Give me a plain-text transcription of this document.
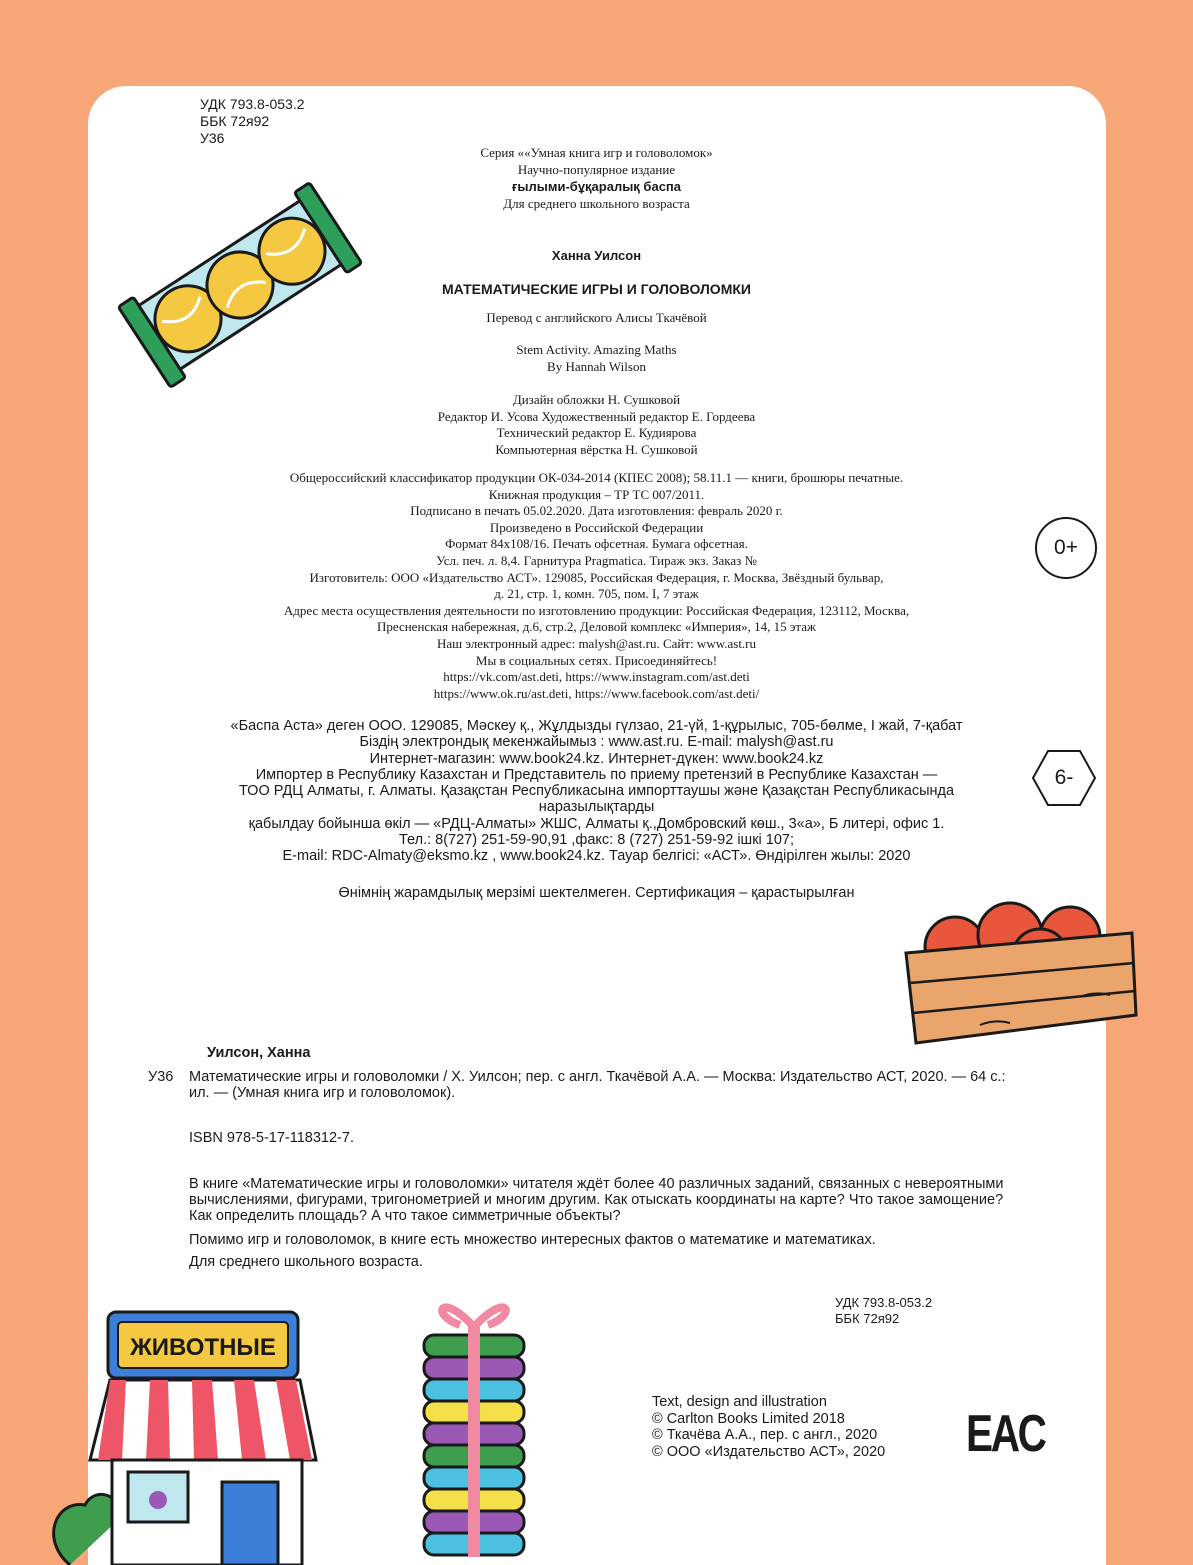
УДК 793.8-053.2
ББК 72я92
У36
Серия ««Умная книга игр и головоломок»
Научно-популярное издание
ғылыми-бұқаралық баспа
Для среднего школьного возраста
Ханна Уилсон
МАТЕМАТИЧЕСКИЕ ИГРЫ И ГОЛОВОЛОМКИ
Перевод с английского Алисы Ткачёвой
Stem Activity. Amazing Maths
By Hannah Wilson
Дизайн обложки Н. Сушковой
Редактор И. Усова Художественный редактор Е. Гордеева
Технический редактор Е. Кудиярова
Компьютерная вёрстка Н. Сушковой
Общероссийский классификатор продукции ОК-034-2014 (КПЕС 2008); 58.11.1 — книги, брошюры печатные.
Книжная продукция – ТР ТС 007/2011.
Подписано в печать 05.02.2020. Дата изготовления: февраль 2020 г.
Произведено в Российской Федерации
Формат 84х108/16. Печать офсетная. Бумага офсетная.
Усл. печ. л. 8,4. Гарнитура Pragmatica. Тираж экз. Заказ №
Изготовитель: ООО «Издательство АСТ». 129085, Российская Федерация, г. Москва, Звёздный бульвар,
д. 21, стр. 1, комн. 705, пом. I, 7 этаж
Адрес места осуществления деятельности по изготовлению продукции: Российская Федерация, 123112, Москва,
Пресненская набережная, д.6, стр.2, Деловой комплекс «Империя», 14, 15 этаж
Наш электронный адрес: malysh@ast.ru. Сайт: www.ast.ru
Мы в социальных сетях. Присоединяйтесь!
https://vk.com/ast.deti, https://www.instagram.com/ast.deti
https://www.ok.ru/ast.deti, https://www.facebook.com/ast.deti/
«Баспа Аста» деген ООО. 129085, Мәскеу қ., Жұлдызды гүлзао, 21-үй, 1-құрылыс, 705-бөлме, I жай, 7-қабат
Біздің электрондық мекенжайымыз : www.ast.ru. E-mail: malysh@ast.ru
Интернет-магазин: www.book24.kz. Интернет-дүкен: www.book24.kz
Импортер в Республику Казахстан и Представитель по приему претензий в Республике Казахстан —
ТОО РДЦ Алматы, г. Алматы. Қазақстан Республикасына импорттаушы және Қазақстан Республикасында
наразылықтарды
қабылдау бойынша өкіл — «РДЦ-Алматы» ЖШС, Алматы қ.,Домбровский көш., 3«а», Б литері, офис 1.
Тел.: 8(727) 251-59-90,91 ,факс: 8 (727) 251-59-92 ішкі 107;
E-mail: RDC-Almaty@eksmo.kz , www.book24.kz. Тауар белгісі: «АСТ». Өндірілген жылы: 2020
Өнімнің жарамдылық мерзімі шектелмеген. Сертификация – қарастырылған
0+
6-
Уилсон, Ханна
У36 Математические игры и головоломки / Х. Уилсон; пер. с англ. Ткачёвой А.А. — Москва: Издательство АСТ, 2020. — 64 с.: ил. — (Умная книга игр и головоломок).
ISBN 978-5-17-118312-7.
В книге «Математические игры и головоломки» читателя ждёт более 40 различных заданий, связанных с невероятными вычислениями, фигурами, тригонометрией и многим другим. Как отыскать координаты на карте? Что такое замощение? Как определить площадь? А что такое симметричные объекты?
Помимо игр и головоломок, в книге есть множество интересных фактов о математике и математиках.
Для среднего школьного возраста.
УДК 793.8-053.2
ББК 72я92
Text, design and illustration
© Carlton Books Limited 2018
© Ткачёва А.А., пер. с англ., 2020
© ООО «Издательство АСТ», 2020 EAC
ЖИВОТНЫЕ
